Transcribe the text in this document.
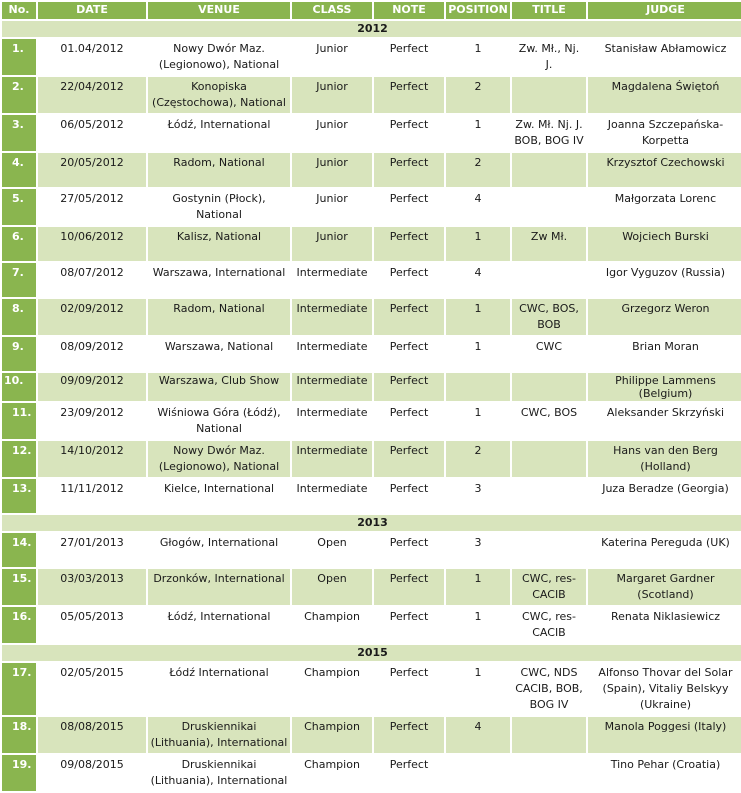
No.	DATE	VENUE	CLASS	NOTE	POSITION	TITLE	JUDGE
2012							
1.	01.04/2012	Nowy Dwór Maz. (Legionowo), National	Junior	Perfect	1	Zw. Mł., Nj. J.	Stanisław Abłamowicz
2.	22/04/2012	Konopiska (Częstochowa), National	Junior	Perfect	2		Magdalena Świętoń
3.	06/05/2012	Łódź, International	Junior	Perfect	1	Zw. Mł. Nj. J. BOB, BOG IV	Joanna Szczepańska-Korpetta
4.	20/05/2012	Radom, National	Junior	Perfect	2		Krzysztof Czechowski
5.	27/05/2012	Gostynin (Płock), National	Junior	Perfect	4		Małgorzata Lorenc
6.	10/06/2012	Kalisz, National	Junior	Perfect	1	Zw Mł.	Wojciech Burski
7.	08/07/2012	Warszawa, International	Intermediate	Perfect	4		Igor Vyguzov (Russia)
8.	02/09/2012	Radom, National	Intermediate	Perfect	1	CWC, BOS, BOB	Grzegorz Weron
9.	08/09/2012	Warszawa, National	Intermediate	Perfect	1	CWC	Brian Moran
10.	09/09/2012	Warszawa, Club Show	Intermediate	Perfect			Philippe Lammens (Belgium)
11.	23/09/2012	Wiśniowa Góra (Łódź), National	Intermediate	Perfect	1	CWC, BOS	Aleksander Skrzyński
12.	14/10/2012	Nowy Dwór Maz. (Legionowo), National	Intermediate	Perfect	2		Hans van den Berg (Holland)
13.	11/11/2012	Kielce, International	Intermediate	Perfect	3		Juza Beradze (Georgia)
2013							
14.	27/01/2013	Głogów, International	Open	Perfect	3		Katerina Pereguda (UK)
15.	03/03/2013	Drzonków, International	Open	Perfect	1	CWC, res-CACIB	Margaret Gardner (Scotland)
16.	05/05/2013	Łódź, International	Champion	Perfect	1	CWC, res-CACIB	Renata Niklasiewicz
2015							
17.	02/05/2015	Łódź International	Champion	Perfect	1	CWC, NDS CACIB, BOB, BOG IV	Alfonso Thovar del Solar (Spain), Vitaliy Belskyy (Ukraine)
18.	08/08/2015	Druskiennikai (Lithuania), International	Champion	Perfect	4		Manola Poggesi (Italy)
19.	09/08/2015	Druskiennikai (Lithuania), International	Champion	Perfect			Tino Pehar (Croatia)
